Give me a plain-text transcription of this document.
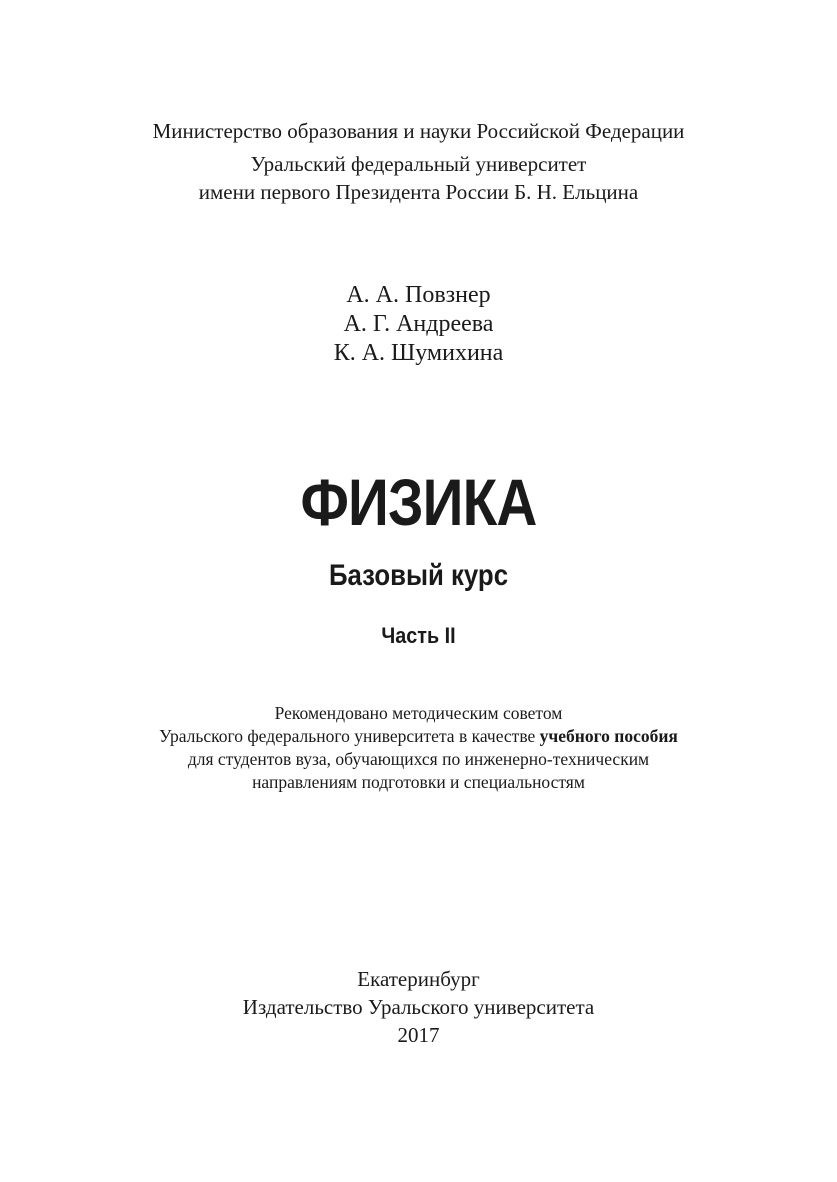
Министерство образования и науки Российской Федерации
Уральский федеральный университет
имени первого Президента России Б. Н. Ельцина
А. А. Повзнер
А. Г. Андреева
К. А. Шумихина
ФИЗИКА
Базовый курс
Часть II
Рекомендовано методическим советом
Уральского федерального университета в качестве учебного пособия
для студентов вуза, обучающихся по инженерно-техническим
направлениям подготовки и специальностям
Екатеринбург
Издательство Уральского университета
2017
